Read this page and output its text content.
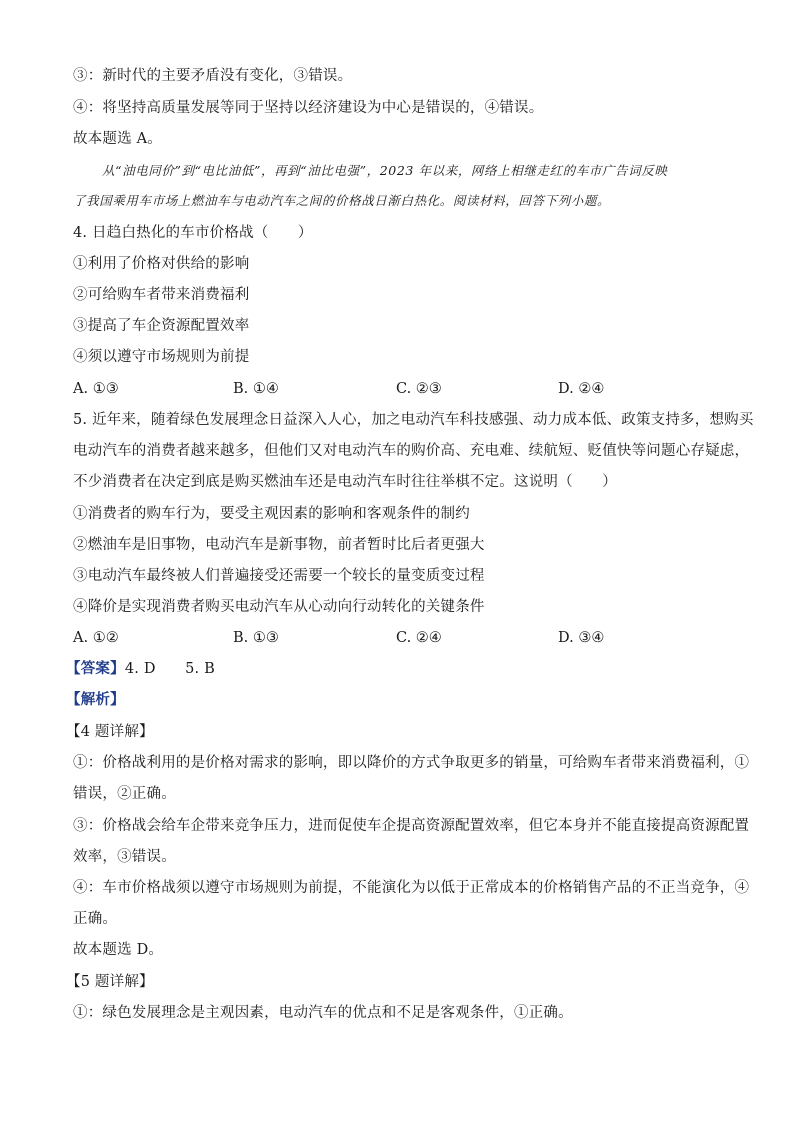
③：新时代的主要矛盾没有变化，③错误。
④：将坚持高质量发展等同于坚持以经济建设为中心是错误的，④错误。
故本题选 A。
从“油电同价”到“电比油低”，再到“油比电强”，2023 年以来，网络上相继走红的车市广告词反映
了我国乘用车市场上燃油车与电动汽车之间的价格战日渐白热化。阅读材料，回答下列小题。
4. 日趋白热化的车市价格战（　　）
①利用了价格对供给的影响
②可给购车者带来消费福利
③提高了车企资源配置效率
④须以遵守市场规则为前提
A. ①③	B. ①④	C. ②③	D. ②④
5. 近年来，随着绿色发展理念日益深入人心，加之电动汽车科技感强、动力成本低、政策支持多，想购买
电动汽车的消费者越来越多，但他们又对电动汽车的购价高、充电难、续航短、贬值快等问题心存疑虑，
不少消费者在决定到底是购买燃油车还是电动汽车时往往举棋不定。这说明（　　）
①消费者的购车行为，要受主观因素的影响和客观条件的制约
②燃油车是旧事物，电动汽车是新事物，前者暂时比后者更强大
③电动汽车最终被人们普遍接受还需要一个较长的量变质变过程
④降价是实现消费者购买电动汽车从心动向行动转化的关键条件
A. ①②	B. ①③	C. ②④	D. ③④
【答案】4. D　　5. B
【解析】
【4 题详解】
①：价格战利用的是价格对需求的影响，即以降价的方式争取更多的销量，可给购车者带来消费福利，①
错误，②正确。
③：价格战会给车企带来竞争压力，进而促使车企提高资源配置效率，但它本身并不能直接提高资源配置
效率，③错误。
④：车市价格战须以遵守市场规则为前提，不能演化为以低于正常成本的价格销售产品的不正当竞争，④
正确。
故本题选 D。
【5 题详解】
①：绿色发展理念是主观因素，电动汽车的优点和不足是客观条件，①正确。
